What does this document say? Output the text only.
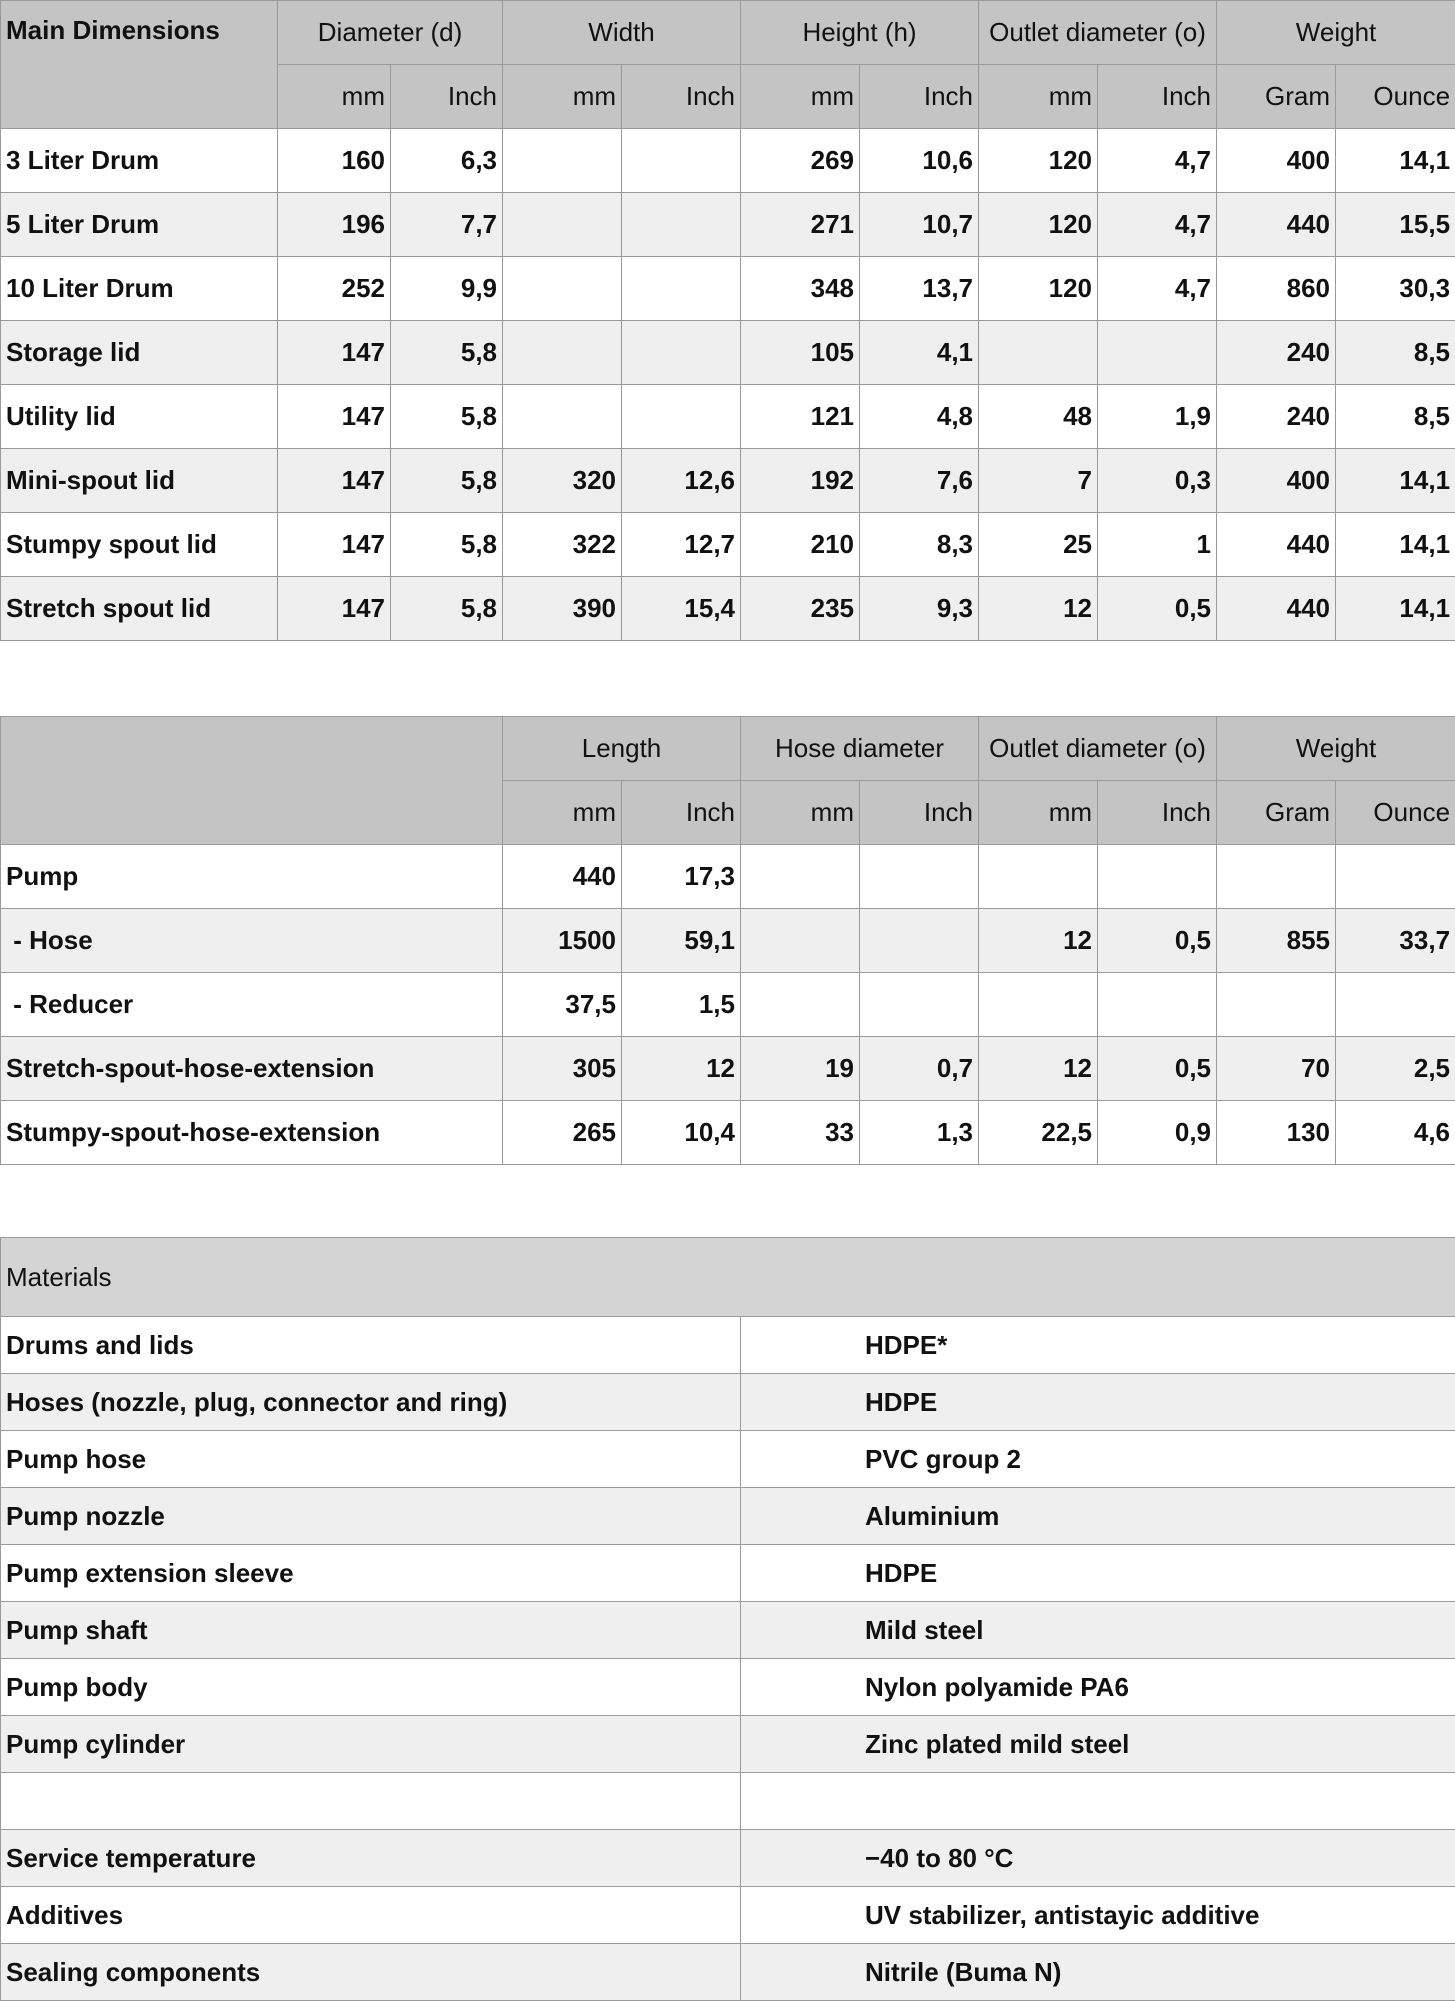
Main Dimensions	Diameter (d)		Width		Height (h)		Outlet diameter (o)		Weight	
	mm	Inch	mm	Inch	mm	Inch	mm	Inch	Gram	Ounce
3 Liter Drum	160	6,3			269	10,6	120	4,7	400	14,1
5 Liter Drum	196	7,7			271	10,7	120	4,7	440	15,5
10 Liter Drum	252	9,9			348	13,7	120	4,7	860	30,3
Storage lid	147	5,8			105	4,1			240	8,5
Utility lid	147	5,8			121	4,8	48	1,9	240	8,5
Mini-spout lid	147	5,8	320	12,6	192	7,6	7	0,3	400	14,1
Stumpy spout lid	147	5,8	322	12,7	210	8,3	25	1	440	14,1
Stretch spout lid	147	5,8	390	15,4	235	9,3	12	0,5	440	14,1
	Length		Hose diameter		Outlet diameter (o)		Weight	
	mm	Inch	mm	Inch	mm	Inch	Gram	Ounce
Pump	440	17,3						
- Hose	1500	59,1			12	0,5	855	33,7
- Reducer	37,5	1,5						
Stretch-spout-hose-extension	305	12	19	0,7	12	0,5	70	2,5
Stumpy-spout-hose-extension	265	10,4	33	1,3	22,5	0,9	130	4,6
Materials	
Drums and lids	HDPE*
Hoses (nozzle, plug, connector and ring)	HDPE
Pump hose	PVC group 2
Pump nozzle	Aluminium
Pump extension sleeve	HDPE
Pump shaft	Mild steel
Pump body	Nylon polyamide PA6
Pump cylinder	Zinc plated mild steel

Service temperature	−40 to 80 °C
Additives	UV stabilizer, antistayic additive
Sealing components	Nitrile (Buma N)
